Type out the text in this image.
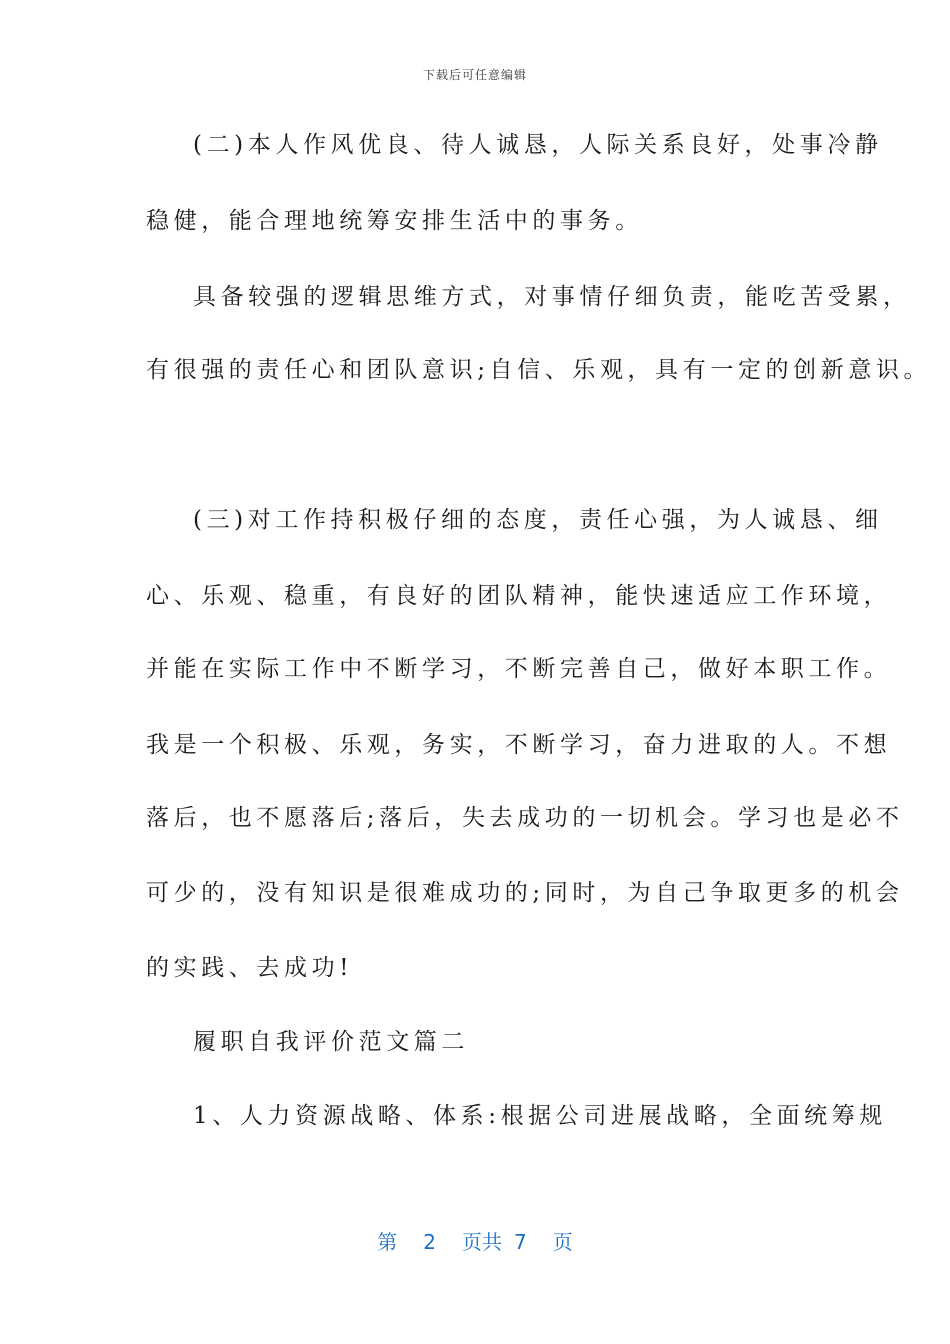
下载后可任意编辑
(二)本人作风优良、待人诚恳，人际关系良好，处事冷静
稳健，能合理地统筹安排生活中的事务。
具备较强的逻辑思维方式，对事情仔细负责，能吃苦受累，
有很强的责任心和团队意识;自信、乐观，具有一定的创新意识。
(三)对工作持积极仔细的态度，责任心强，为人诚恳、细
心、乐观、稳重，有良好的团队精神，能快速适应工作环境，
并能在实际工作中不断学习，不断完善自己，做好本职工作。
我是一个积极、乐观，务实，不断学习，奋力进取的人。不想
落后，也不愿落后;落后，失去成功的一切机会。学习也是必不
可少的，没有知识是很难成功的;同时，为自己争取更多的机会
的实践、去成功!
履职自我评价范文篇二
1、人力资源战略、体系:根据公司进展战略，全面统筹规
第 2 页共 7 页
